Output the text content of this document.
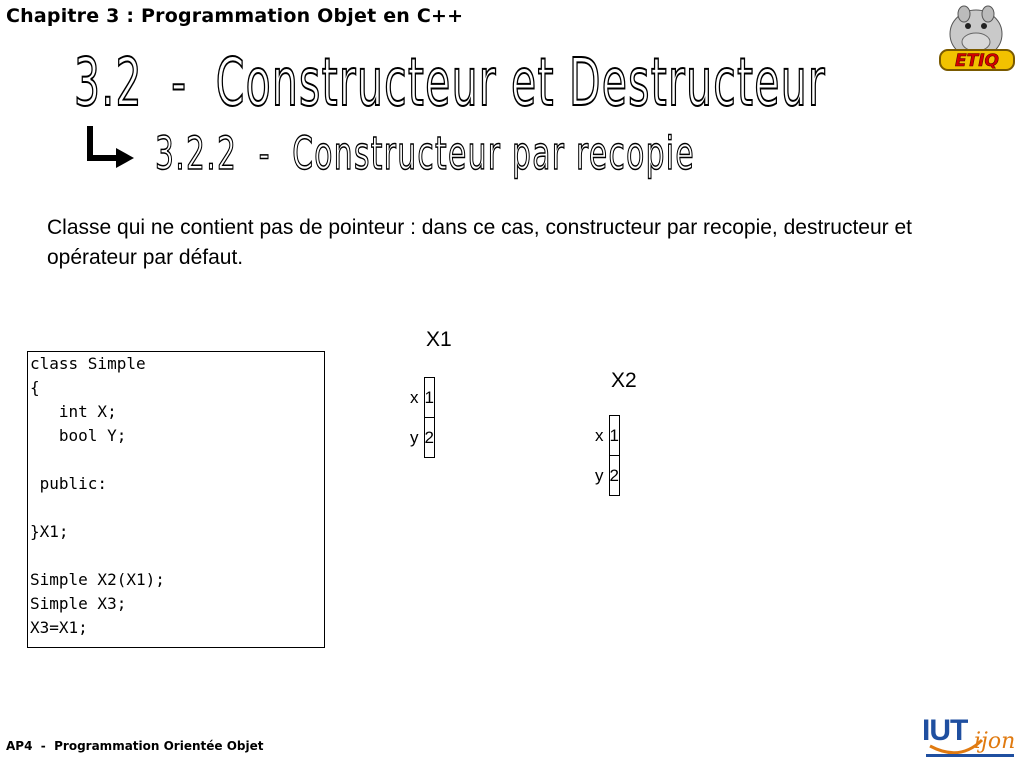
Chapitre 3 : Programmation Objet en C++
ETIQ
3.2  -  Constructeur et Destructeur
3.2.2  -  Constructeur par recopie
Classe qui ne contient pas de pointeur : dans ce cas, constructeur par recopie, destructeur et opérateur par défaut.
class Simple
{
int X;
bool Y;
public:
}X1;
Simple X2(X1);
Simple X3;
X3=X1;
X1
x	1
y	2
X2
x	1
y	2
AP4  -  Programmation Orientée Objet	IUT ijon
